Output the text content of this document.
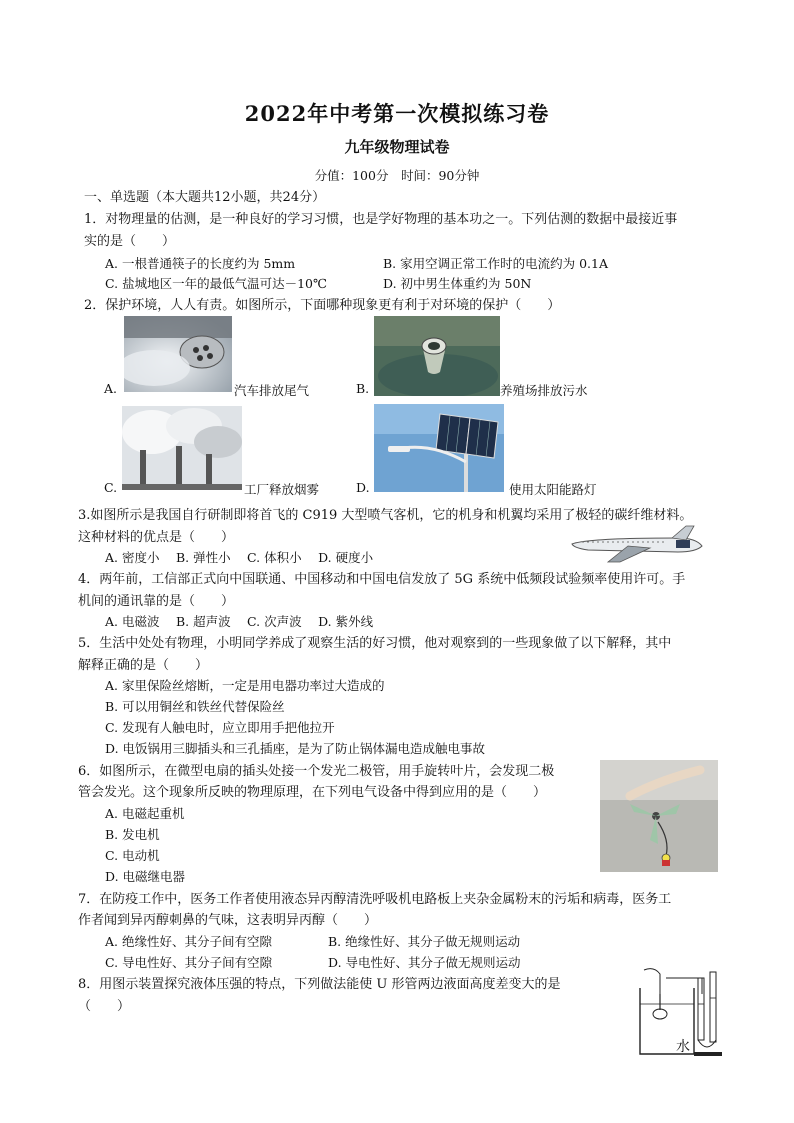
2022年中考第一次模拟练习卷
九年级物理试卷
分值：100分　时间：90分钟
一、单选题（本大题共12小题，共24分）
1．对物理量的估测，是一种良好的学习习惯，也是学好物理的基本功之一。下列估测的数据中最接近事
实的是（　　）
A. 一根普通筷子的长度约为 5mm	B. 家用空调正常工作时的电流约为 0.1A
C. 盐城地区一年的最低气温可达－10℃	D. 初中男生体重约为 50N
2．保护环境，人人有责。如图所示，下面哪种现象更有利于对环境的保护（　　）
A.	汽车排放尾气	B.	养殖场排放污水
C.	工厂释放烟雾	D.	使用太阳能路灯
3.如图所示是我国自行研制即将首飞的 C919 大型喷气客机，它的机身和机翼均采用了极轻的碳纤维材料。
这种材料的优点是（　　）
A. 密度小　 B. 弹性小　 C. 体积小　 D. 硬度小
4．两年前，工信部正式向中国联通、中国移动和中国电信发放了 5G 系统中低频段试验频率使用许可。手
机间的通讯靠的是（　　）
A. 电磁波　 B. 超声波　 C. 次声波　 D. 紫外线
5．生活中处处有物理，小明同学养成了观察生活的好习惯，他对观察到的一些现象做了以下解释，其中
解释正确的是（　　）
A. 家里保险丝熔断，一定是用电器功率过大造成的
B. 可以用铜丝和铁丝代替保险丝
C. 发现有人触电时，应立即用手把他拉开
D. 电饭锅用三脚插头和三孔插座，是为了防止锅体漏电造成触电事故
6．如图所示，在微型电扇的插头处接一个发光二极管，用手旋转叶片，会发现二极
管会发光。这个现象所反映的物理原理，在下列电气设备中得到应用的是（　　）
A. 电磁起重机
B. 发电机
C. 电动机
D. 电磁继电器
7．在防疫工作中，医务工作者使用液态异丙醇清洗呼吸机电路板上夹杂金属粉末的污垢和病毒，医务工
作者闻到异丙醇刺鼻的气味，这表明异丙醇（　　）
A. 绝缘性好、其分子间有空隙	B. 绝缘性好、其分子做无规则运动
C. 导电性好、其分子间有空隙	D. 导电性好、其分子做无规则运动
8．用图示装置探究液体压强的特点，下列做法能使 U 形管两边液面高度差变大的是
（　　）
水
